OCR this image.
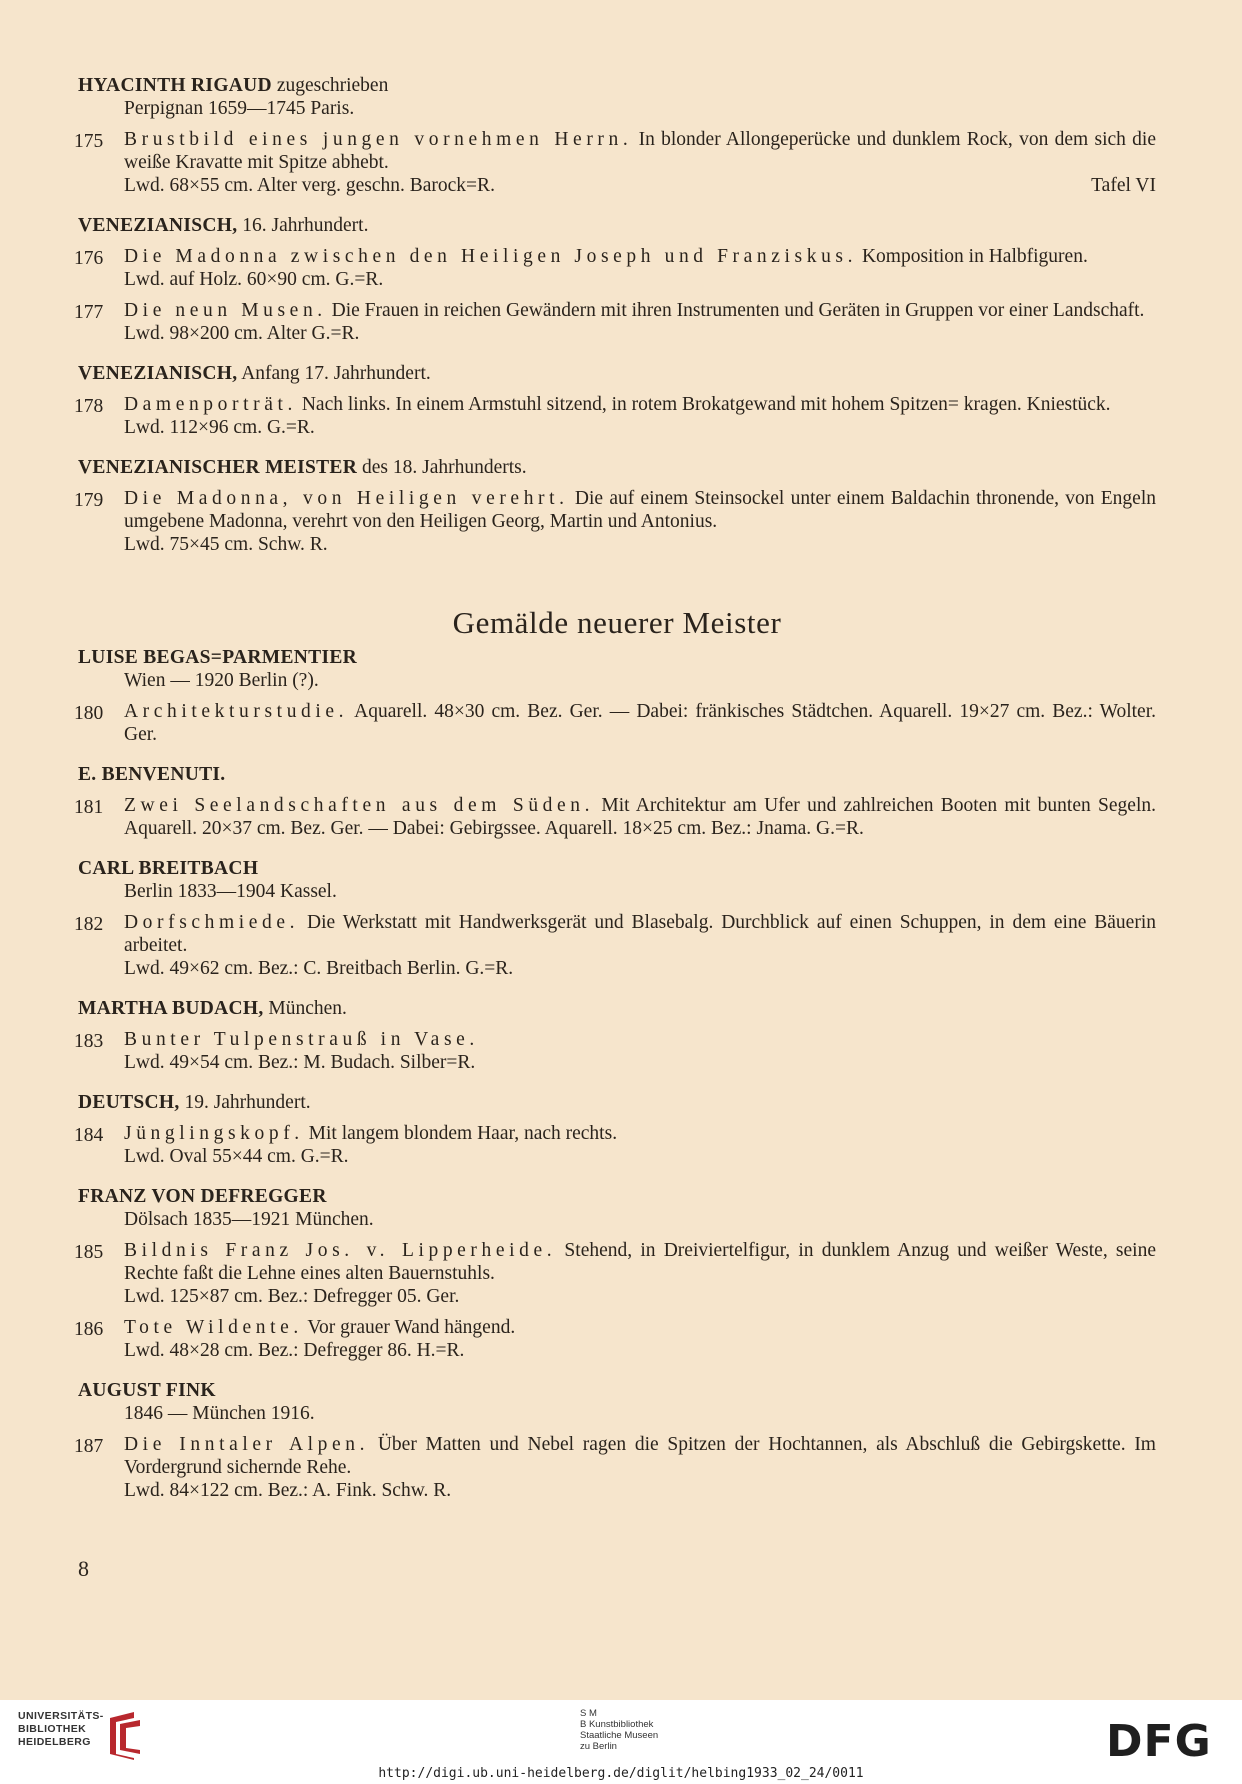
HYACINTH RIGAUD zugeschrieben
Perpignan 1659—1745 Paris.
175	Brustbild eines jungen vornehmen Herrn. In blonder Allongeperücke und dunklem Rock, von dem sich die weiße Kravatte mit Spitze abhebt.
Lwd. 68×55 cm. Alter verg. geschn. Barock=R.	Tafel VI
VENEZIANISCH, 16. Jahrhundert.
176	Die Madonna zwischen den Heiligen Joseph und Franziskus. Komposition in Halbfiguren.
Lwd. auf Holz. 60×90 cm. G.=R.
177	Die neun Musen. Die Frauen in reichen Gewändern mit ihren Instrumenten und Geräten in Gruppen vor einer Landschaft.
Lwd. 98×200 cm. Alter G.=R.
VENEZIANISCH, Anfang 17. Jahrhundert.
178	Damenporträt. Nach links. In einem Armstuhl sitzend, in rotem Brokatgewand mit hohem Spitzen= kragen. Kniestück.
Lwd. 112×96 cm. G.=R.
VENEZIANISCHER MEISTER des 18. Jahrhunderts.
179	Die Madonna, von Heiligen verehrt. Die auf einem Steinsockel unter einem Baldachin thronende, von Engeln umgebene Madonna, verehrt von den Heiligen Georg, Martin und Antonius.
Lwd. 75×45 cm. Schw. R.
Gemälde neuerer Meister
LUISE BEGAS=PARMENTIER
Wien — 1920 Berlin (?).
180	Architekturstudie. Aquarell. 48×30 cm. Bez. Ger. — Dabei: fränkisches Städtchen. Aquarell. 19×27 cm. Bez.: Wolter. Ger.
E. BENVENUTI.
181	Zwei Seelandschaften aus dem Süden. Mit Architektur am Ufer und zahlreichen Booten mit bunten Segeln. Aquarell. 20×37 cm. Bez. Ger. — Dabei: Gebirgssee. Aquarell. 18×25 cm. Bez.: Jnama. G.=R.
CARL BREITBACH
Berlin 1833—1904 Kassel.
182	Dorfschmiede. Die Werkstatt mit Handwerksgerät und Blasebalg. Durchblick auf einen Schuppen, in dem eine Bäuerin arbeitet.
Lwd. 49×62 cm. Bez.: C. Breitbach Berlin. G.=R.
MARTHA BUDACH, München.
183	Bunter Tulpenstrauß in Vase.
Lwd. 49×54 cm. Bez.: M. Budach. Silber=R.
DEUTSCH, 19. Jahrhundert.
184	Jünglingskopf. Mit langem blondem Haar, nach rechts.
Lwd. Oval 55×44 cm. G.=R.
FRANZ VON DEFREGGER
Dölsach 1835—1921 München.
185	Bildnis Franz Jos. v. Lipperheide. Stehend, in Dreiviertelfigur, in dunklem Anzug und weißer Weste, seine Rechte faßt die Lehne eines alten Bauernstuhls.
Lwd. 125×87 cm. Bez.: Defregger 05. Ger.
186	Tote Wildente. Vor grauer Wand hängend.
Lwd. 48×28 cm. Bez.: Defregger 86. H.=R.
AUGUST FINK
1846 — München 1916.
187	Die Inntaler Alpen. Über Matten und Nebel ragen die Spitzen der Hochtannen, als Abschluß die Gebirgskette. Im Vordergrund sichernde Rehe.
Lwd. 84×122 cm. Bez.: A. Fink. Schw. R.
8
UNIVERSITÄTS-
BIBLIOTHEK
HEIDELBERG
S M
B Kunstbibliothek
Staatliche Museen
zu Berlin	DFG
http://digi.ub.uni-heidelberg.de/diglit/helbing1933_02_24/0011
